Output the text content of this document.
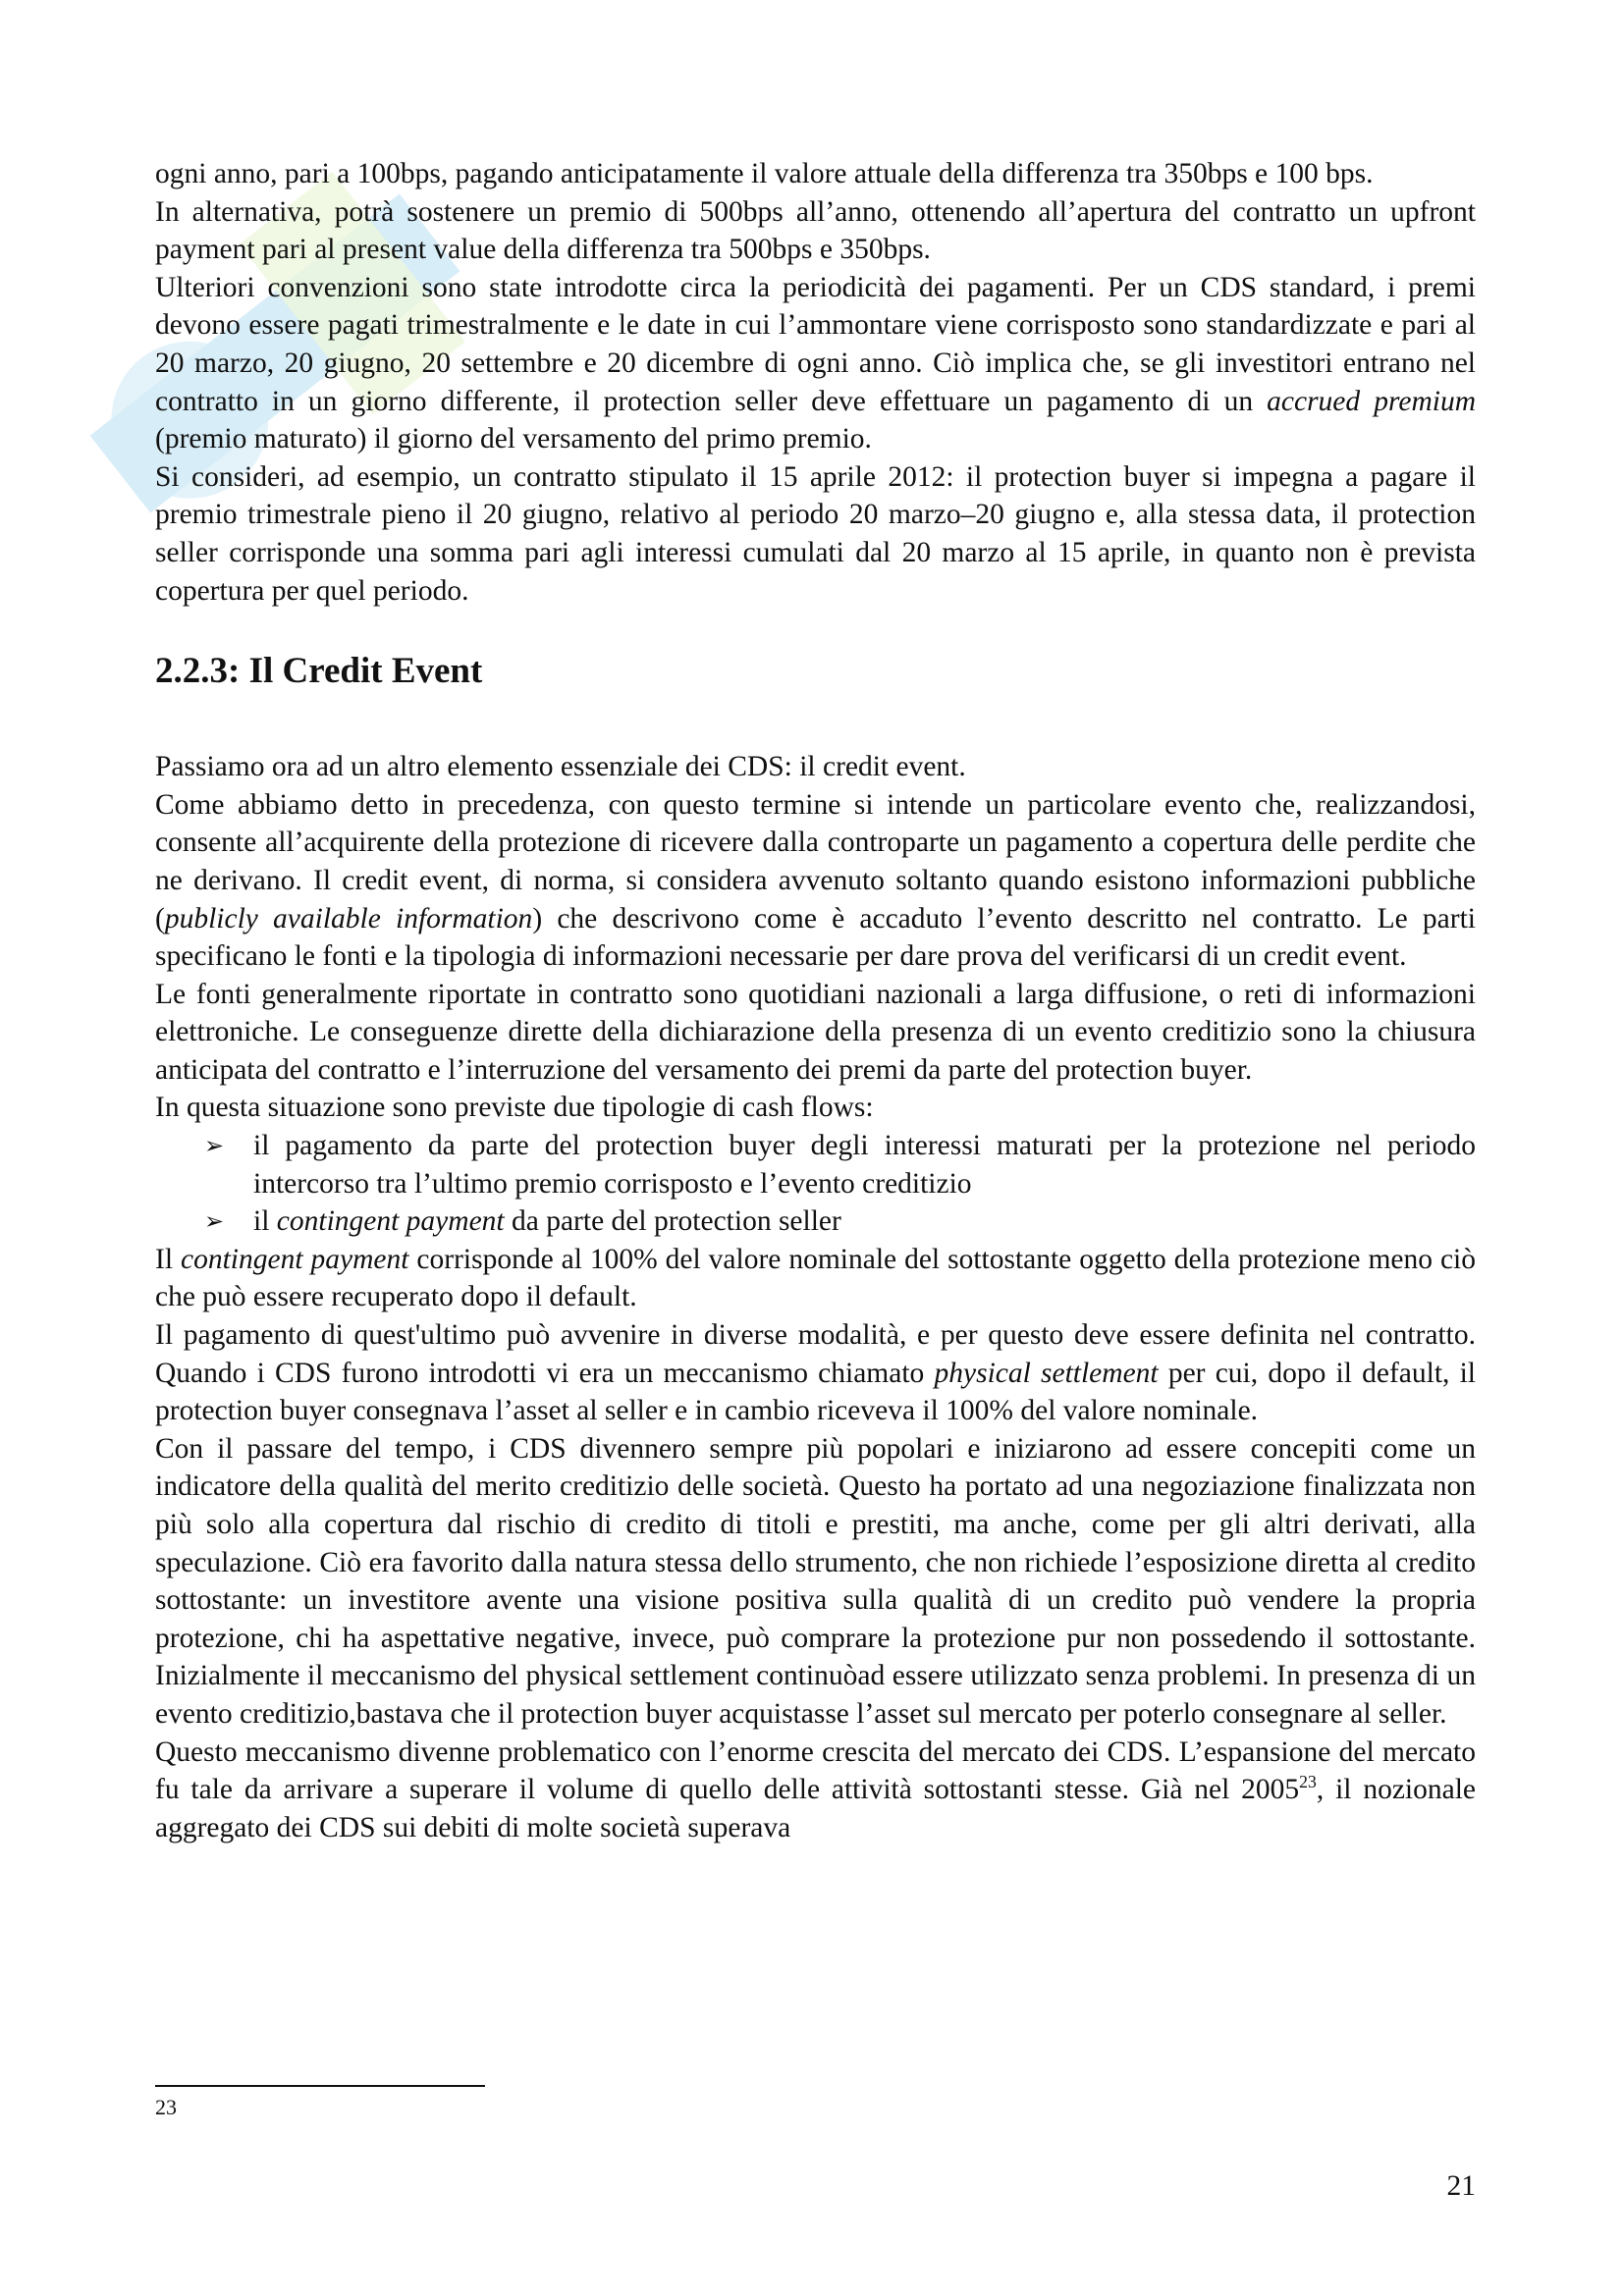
ogni anno, pari a 100bps, pagando anticipatamente il valore attuale della differenza tra 350bps e 100 bps.

In alternativa, potrà sostenere un premio di 500bps all’anno, ottenendo all’apertura del contratto un upfront payment pari al present value della differenza tra 500bps e 350bps.

Ulteriori convenzioni sono state introdotte circa la periodicità dei pagamenti. Per un CDS standard, i premi devono essere pagati trimestralmente e le date in cui l’ammontare viene corrisposto sono standardizzate e pari al 20 marzo, 20 giugno, 20 settembre e 20 dicembre di ogni anno. Ciò implica che, se gli investitori entrano nel contratto in un giorno differente, il protection seller deve effettuare un pagamento di un accrued premium (premio maturato) il giorno del versamento del primo premio.

Si consideri, ad esempio, un contratto stipulato il 15 aprile 2012: il protection buyer si impegna a pagare il premio trimestrale pieno il 20 giugno, relativo al periodo 20 marzo–20 giugno e, alla stessa data, il protection seller corrisponde una somma pari agli interessi cumulati dal 20 marzo al 15 aprile, in quanto non è prevista copertura per quel periodo.

2.2.3: Il Credit Event

Passiamo ora ad un altro elemento essenziale dei CDS: il credit event.

Come abbiamo detto in precedenza, con questo termine si intende un particolare evento che, realizzandosi, consente all’acquirente della protezione di ricevere dalla controparte un pagamento a copertura delle perdite che ne derivano. Il credit event, di norma, si considera avvenuto soltanto quando esistono informazioni pubbliche (publicly available information) che descrivono come è accaduto l’evento descritto nel contratto. Le parti specificano le fonti e la tipologia di informazioni necessarie per dare prova del verificarsi di un credit event.

Le fonti generalmente riportate in contratto sono quotidiani nazionali a larga diffusione, o reti di informazioni elettroniche. Le conseguenze dirette della dichiarazione della presenza di un evento creditizio sono la chiusura anticipata del contratto e l’interruzione del versamento dei premi da parte del protection buyer.

In questa situazione sono previste due tipologie di cash flows:

➢ il pagamento da parte del protection buyer degli interessi maturati per la protezione nel periodo intercorso tra l’ultimo premio corrisposto e l’evento creditizio
➢ il contingent payment da parte del protection seller

Il contingent payment corrisponde al 100% del valore nominale del sottostante oggetto della protezione meno ciò che può essere recuperato dopo il default.

Il pagamento di quest'ultimo può avvenire in diverse modalità, e per questo deve essere definita nel contratto. Quando i CDS furono introdotti vi era un meccanismo chiamato physical settlement per cui, dopo il default, il protection buyer consegnava l’asset al seller e in cambio riceveva il 100% del valore nominale.

Con il passare del tempo, i CDS divennero sempre più popolari e iniziarono ad essere concepiti come un indicatore della qualità del merito creditizio delle società. Questo ha portato ad una negoziazione finalizzata non più solo alla copertura dal rischio di credito di titoli e prestiti, ma anche, come per gli altri derivati, alla speculazione. Ciò era favorito dalla natura stessa dello strumento, che non richiede l’esposizione diretta al credito sottostante: un investitore avente una visione positiva sulla qualità di un credito può vendere la propria protezione, chi ha aspettative negative, invece, può comprare la protezione pur non possedendo il sottostante. Inizialmente il meccanismo del physical settlement continuòad essere utilizzato senza problemi. In presenza di un evento creditizio,bastava che il protection buyer acquistasse l’asset sul mercato per poterlo consegnare al seller.

Questo meccanismo divenne problematico con l’enorme crescita del mercato dei CDS. L’espansione del mercato fu tale da arrivare a superare il volume di quello delle attività sottostanti stesse. Già nel 2005$^{23}$, il nozionale aggregato dei CDS sui debiti di molte società superava

23
21
